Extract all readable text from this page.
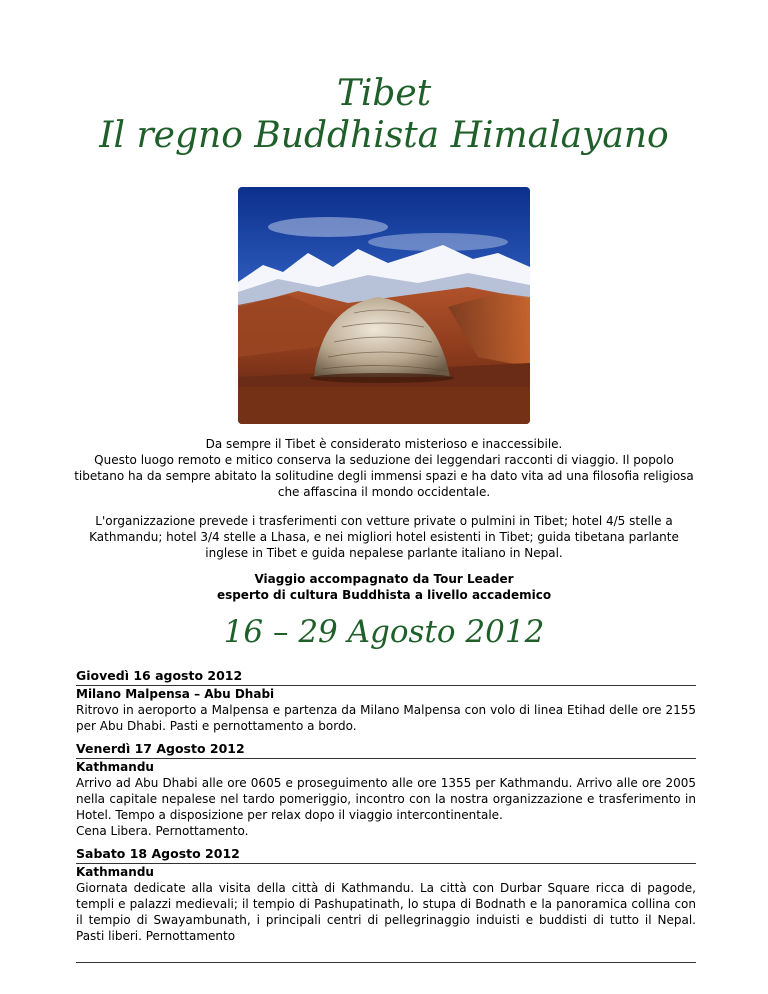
Tibet
Il regno Buddhista Himalayano
Da sempre il Tibet è considerato misterioso e inaccessibile.
Questo luogo remoto e mitico conserva la seduzione dei leggendari racconti di viaggio. Il popolo tibetano ha da sempre abitato la solitudine degli immensi spazi e ha dato vita ad una filosofia religiosa che affascina il mondo occidentale.
L'organizzazione prevede i trasferimenti con vetture private o pulmini in Tibet; hotel 4/5 stelle a Kathmandu; hotel 3/4 stelle a Lhasa, e nei migliori hotel esistenti in Tibet; guida tibetana parlante inglese in Tibet e guida nepalese parlante italiano in Nepal.
Viaggio accompagnato da Tour Leader
esperto di cultura Buddhista a livello accademico
16 – 29 Agosto 2012
Giovedì 16 agosto 2012
Milano Malpensa – Abu Dhabi
Ritrovo in aeroporto a Malpensa e partenza da Milano Malpensa con volo di linea Etihad delle ore 2155 per Abu Dhabi. Pasti e pernottamento a bordo.
Venerdì 17 Agosto 2012
Kathmandu
Arrivo ad Abu Dhabi alle ore 0605 e proseguimento alle ore 1355 per Kathmandu. Arrivo alle ore 2005 nella capitale nepalese nel tardo pomeriggio, incontro con la nostra organizzazione e trasferimento in Hotel. Tempo a disposizione per relax dopo il viaggio intercontinentale.
Cena Libera. Pernottamento.
Sabato 18 Agosto 2012
Kathmandu
Giornata dedicate alla visita della città di Kathmandu. La città con Durbar Square ricca di pagode, templi e palazzi medievali; il tempio di Pashupatinath, lo stupa di Bodnath e la panoramica collina con il tempio di Swayambunath, i principali centri di pellegrinaggio induisti e buddisti di tutto il Nepal. Pasti liberi. Pernottamento
